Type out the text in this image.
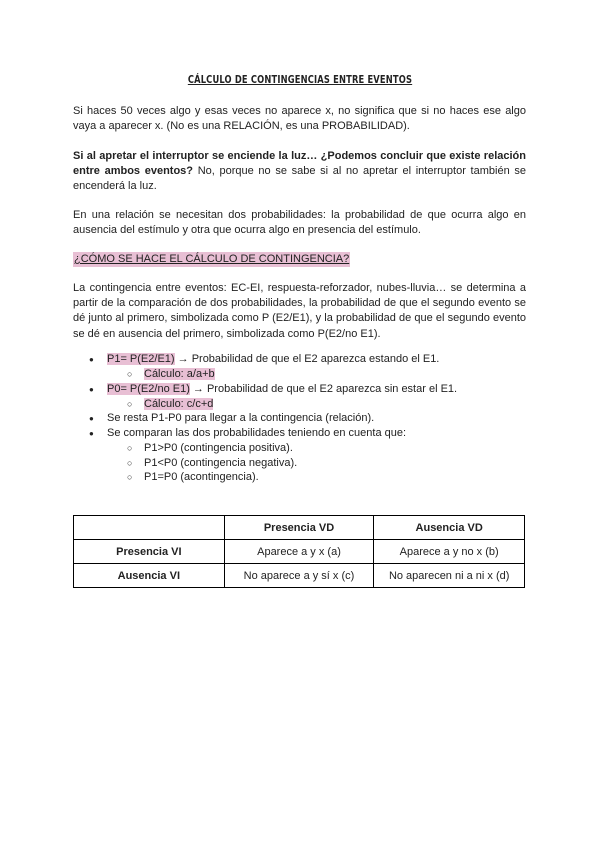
CÁLCULO DE CONTINGENCIAS ENTRE EVENTOS

Si haces 50 veces algo y esas veces no aparece x, no significa que si no haces ese algo vaya a aparecer x. (No es una RELACIÓN, es una PROBABILIDAD).

Si al apretar el interruptor se enciende la luz… ¿Podemos concluir que existe relación entre ambos eventos? No, porque no se sabe si al no apretar el interruptor también se encenderá la luz.

En una relación se necesitan dos probabilidades: la probabilidad de que ocurra algo en ausencia del estímulo y otra que ocurra algo en presencia del estímulo.

¿CÓMO SE HACE EL CÁLCULO DE CONTINGENCIA?

La contingencia entre eventos: EC-EI, respuesta-reforzador, nubes-lluvia… se determina a partir de la comparación de dos probabilidades, la probabilidad de que el segundo evento se dé junto al primero, simbolizada como P (E2/E1), y la probabilidad de que el segundo evento se dé en ausencia del primero, simbolizada como P(E2/no E1).

● P1= P(E2/E1) → Probabilidad de que el E2 aparezca estando el E1.
○ Cálculo: a/a+b
● P0= P(E2/no E1) → Probabilidad de que el E2 aparezca sin estar el E1.
○ Cálculo: c/c+d
● Se resta P1-P0 para llegar a la contingencia (relación).
● Se comparan las dos probabilidades teniendo en cuenta que:
○ P1>P0 (contingencia positiva).
○ P1<P0 (contingencia negativa).
○ P1=P0 (acontingencia).
	Presencia VD	Ausencia VD
Presencia VI	Aparece a y x (a)	Aparece a y no x (b)
Ausencia VI	No aparece a y sí x (c)	No aparecen ni a ni x (d)
